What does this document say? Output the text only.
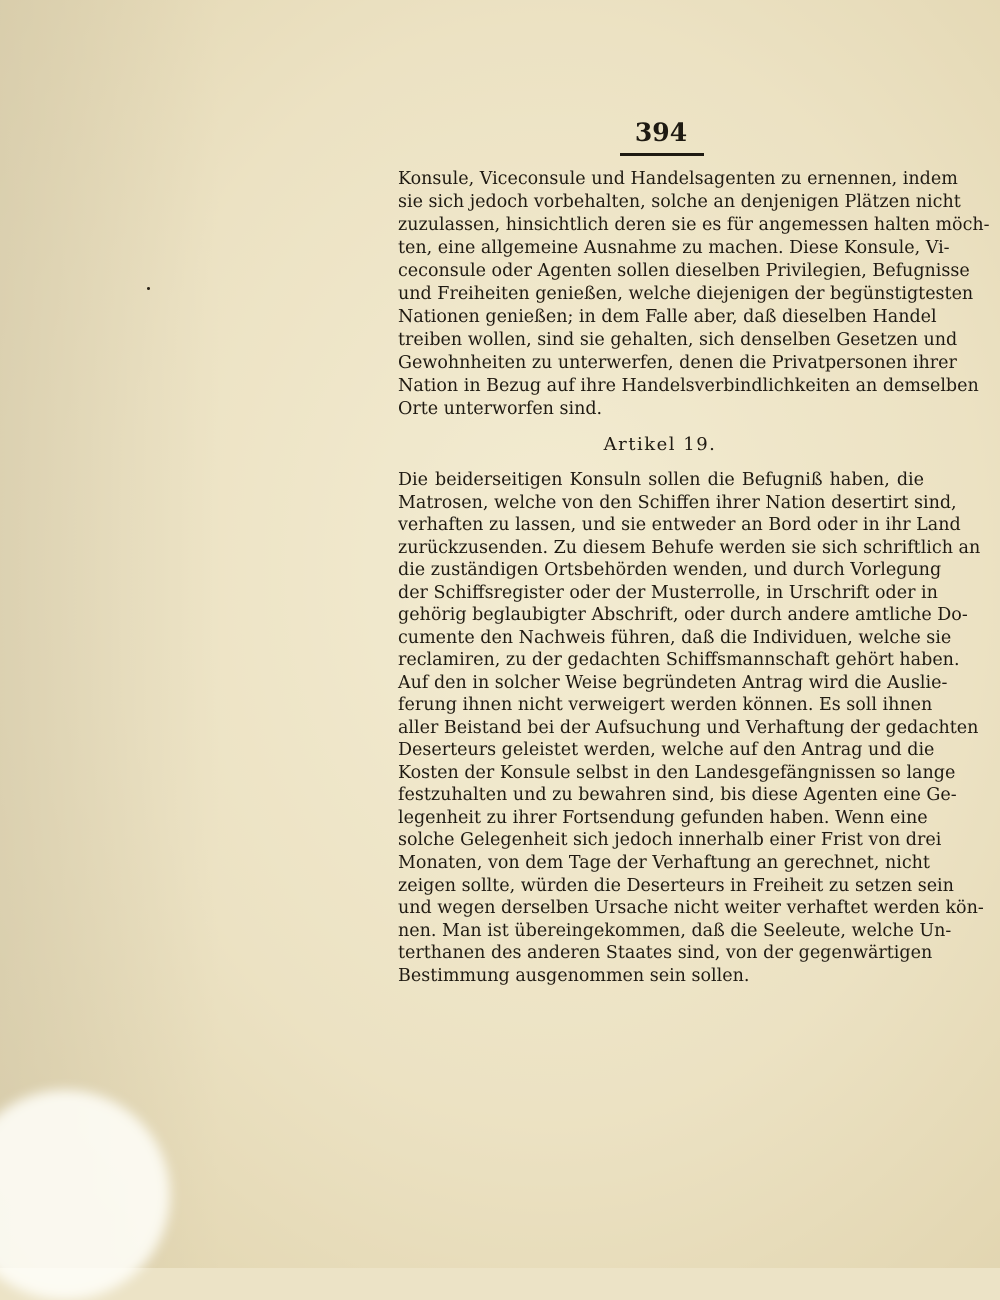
394
Konsule, Viceconsule und Handelsagenten zu ernennen, indem
sie sich jedoch vorbehalten, solche an denjenigen Plätzen nicht
zuzulassen, hinsichtlich deren sie es für angemessen halten möch-
ten, eine allgemeine Ausnahme zu machen. Diese Konsule, Vi-
ceconsule oder Agenten sollen dieselben Privilegien, Befugnisse
und Freiheiten genießen, welche diejenigen der begünstigtesten
Nationen genießen; in dem Falle aber, daß dieselben Handel
treiben wollen, sind sie gehalten, sich denselben Gesetzen und
Gewohnheiten zu unterwerfen, denen die Privatpersonen ihrer
Nation in Bezug auf ihre Handelsverbindlichkeiten an demselben
Orte unterworfen sind.
Artikel 19.
Die beiderseitigen Konsuln sollen die Befugniß haben, die
Matrosen, welche von den Schiffen ihrer Nation desertirt sind,
verhaften zu lassen, und sie entweder an Bord oder in ihr Land
zurückzusenden. Zu diesem Behufe werden sie sich schriftlich an
die zuständigen Ortsbehörden wenden, und durch Vorlegung
der Schiffsregister oder der Musterrolle, in Urschrift oder in
gehörig beglaubigter Abschrift, oder durch andere amtliche Do-
cumente den Nachweis führen, daß die Individuen, welche sie
reclamiren, zu der gedachten Schiffsmannschaft gehört haben.
Auf den in solcher Weise begründeten Antrag wird die Auslie-
ferung ihnen nicht verweigert werden können. Es soll ihnen
aller Beistand bei der Aufsuchung und Verhaftung der gedachten
Deserteurs geleistet werden, welche auf den Antrag und die
Kosten der Konsule selbst in den Landesgefängnissen so lange
festzuhalten und zu bewahren sind, bis diese Agenten eine Ge-
legenheit zu ihrer Fortsendung gefunden haben. Wenn eine
solche Gelegenheit sich jedoch innerhalb einer Frist von drei
Monaten, von dem Tage der Verhaftung an gerechnet, nicht
zeigen sollte, würden die Deserteurs in Freiheit zu setzen sein
und wegen derselben Ursache nicht weiter verhaftet werden kön-
nen. Man ist übereingekommen, daß die Seeleute, welche Un-
terthanen des anderen Staates sind, von der gegenwärtigen
Bestimmung ausgenommen sein sollen.
